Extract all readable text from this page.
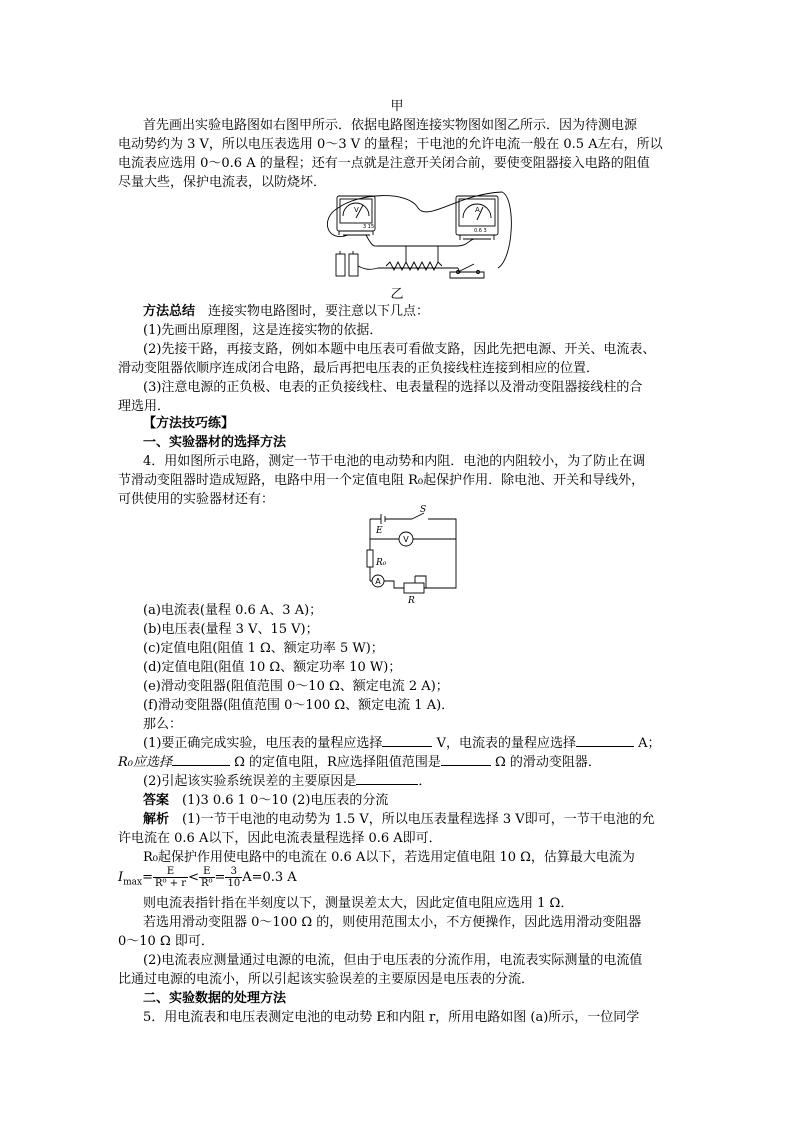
甲
首先画出实验电路图如右图甲所示．依据电路图连接实物图如图乙所示．因为待测电源
电动势约为 3 V，所以电压表选用 0～3 V 的量程；干电池的允许电流一般在 0.5 A左右，所以
电流表应选用 0～0.6 A 的量程；还有一点就是注意开关闭合前，要使变阻器接入电路的阻值
尽量大些，保护电流表，以防烧坏．
V
3 15
A
0.6 3
乙
方法总结　 连接实物电路图时，要注意以下几点：
(1)先画出原理图，这是连接实物的依据．
(2)先接干路，再接支路，例如本题中电压表可看做支路，因此先把电源、开关、电流表、
滑动变阻器依顺序连成闭合电路，最后再把电压表的正负接线柱连接到相应的位置．
(3)注意电源的正负极、电表的正负接线柱、电表量程的选择以及滑动变阻器接线柱的合
理选用．
【方法技巧练】
一、实验器材的选择方法
4．用如图所示电路，测定一节干电池的电动势和内阻．电池的内阻较小，为了防止在调
节滑动变阻器时造成短路，电路中用一个定值电阻 R₀起保护作用．除电池、开关和导线外，
可供使用的实验器材还有：
S
E
R₀
R
V
A
(a)电流表(量程 0.6 A、3 A)；
(b)电压表(量程 3 V、15 V)；
(c)定值电阻(阻值 1 Ω、额定功率 5 W)；
(d)定值电阻(阻值 10 Ω、额定功率 10 W)；
(e)滑动变阻器(阻值范围 0～10 Ω、额定电流 2 A)；
(f)滑动变阻器(阻值范围 0～100 Ω、额定电流 1 A)．
那么：
(1)要正确完成实验，电压表的量程应选择	V，电流表的量程应选择	A；
R₀应选择	Ω 的定值电阻，R应选择阻值范围是	Ω 的滑动变阻器．
(2)引起该实验系统误差的主要原因是	．
答案　 (1)3 0.6 1 0～10 (2)电压表的分流
解析　 (1)一节干电池的电动势为 1.5 V，所以电压表量程选择 3 V即可，一节干电池的允
许电流在 0.6 A以下，因此电流表量程选择 0.6 A即可．
R₀起保护作用使电路中的电流在 0.6 A以下，若选用定值电阻 10 Ω，估算最大电流为
$I_{max}= \frac{E}{\text{R⁰ + r}} < \frac{E}{\text{R⁰}} = \frac{3}{10} A=0.3$ A
则电流表指针指在半刻度以下，测量误差太大，因此定值电阻应选用 1 Ω．
若选用滑动变阻器 0～100 Ω 的，则使用范围太小，不方便操作，因此选用滑动变阻器
0～10 Ω 即可．
(2)电流表应测量通过电源的电流，但由于电压表的分流作用，电流表实际测量的电流值
比通过电源的电流小，所以引起该实验误差的主要原因是电压表的分流．
二、实验数据的处理方法
5．用电流表和电压表测定电池的电动势 E和内阻 r，所用电路如图 (a)所示，一位同学
